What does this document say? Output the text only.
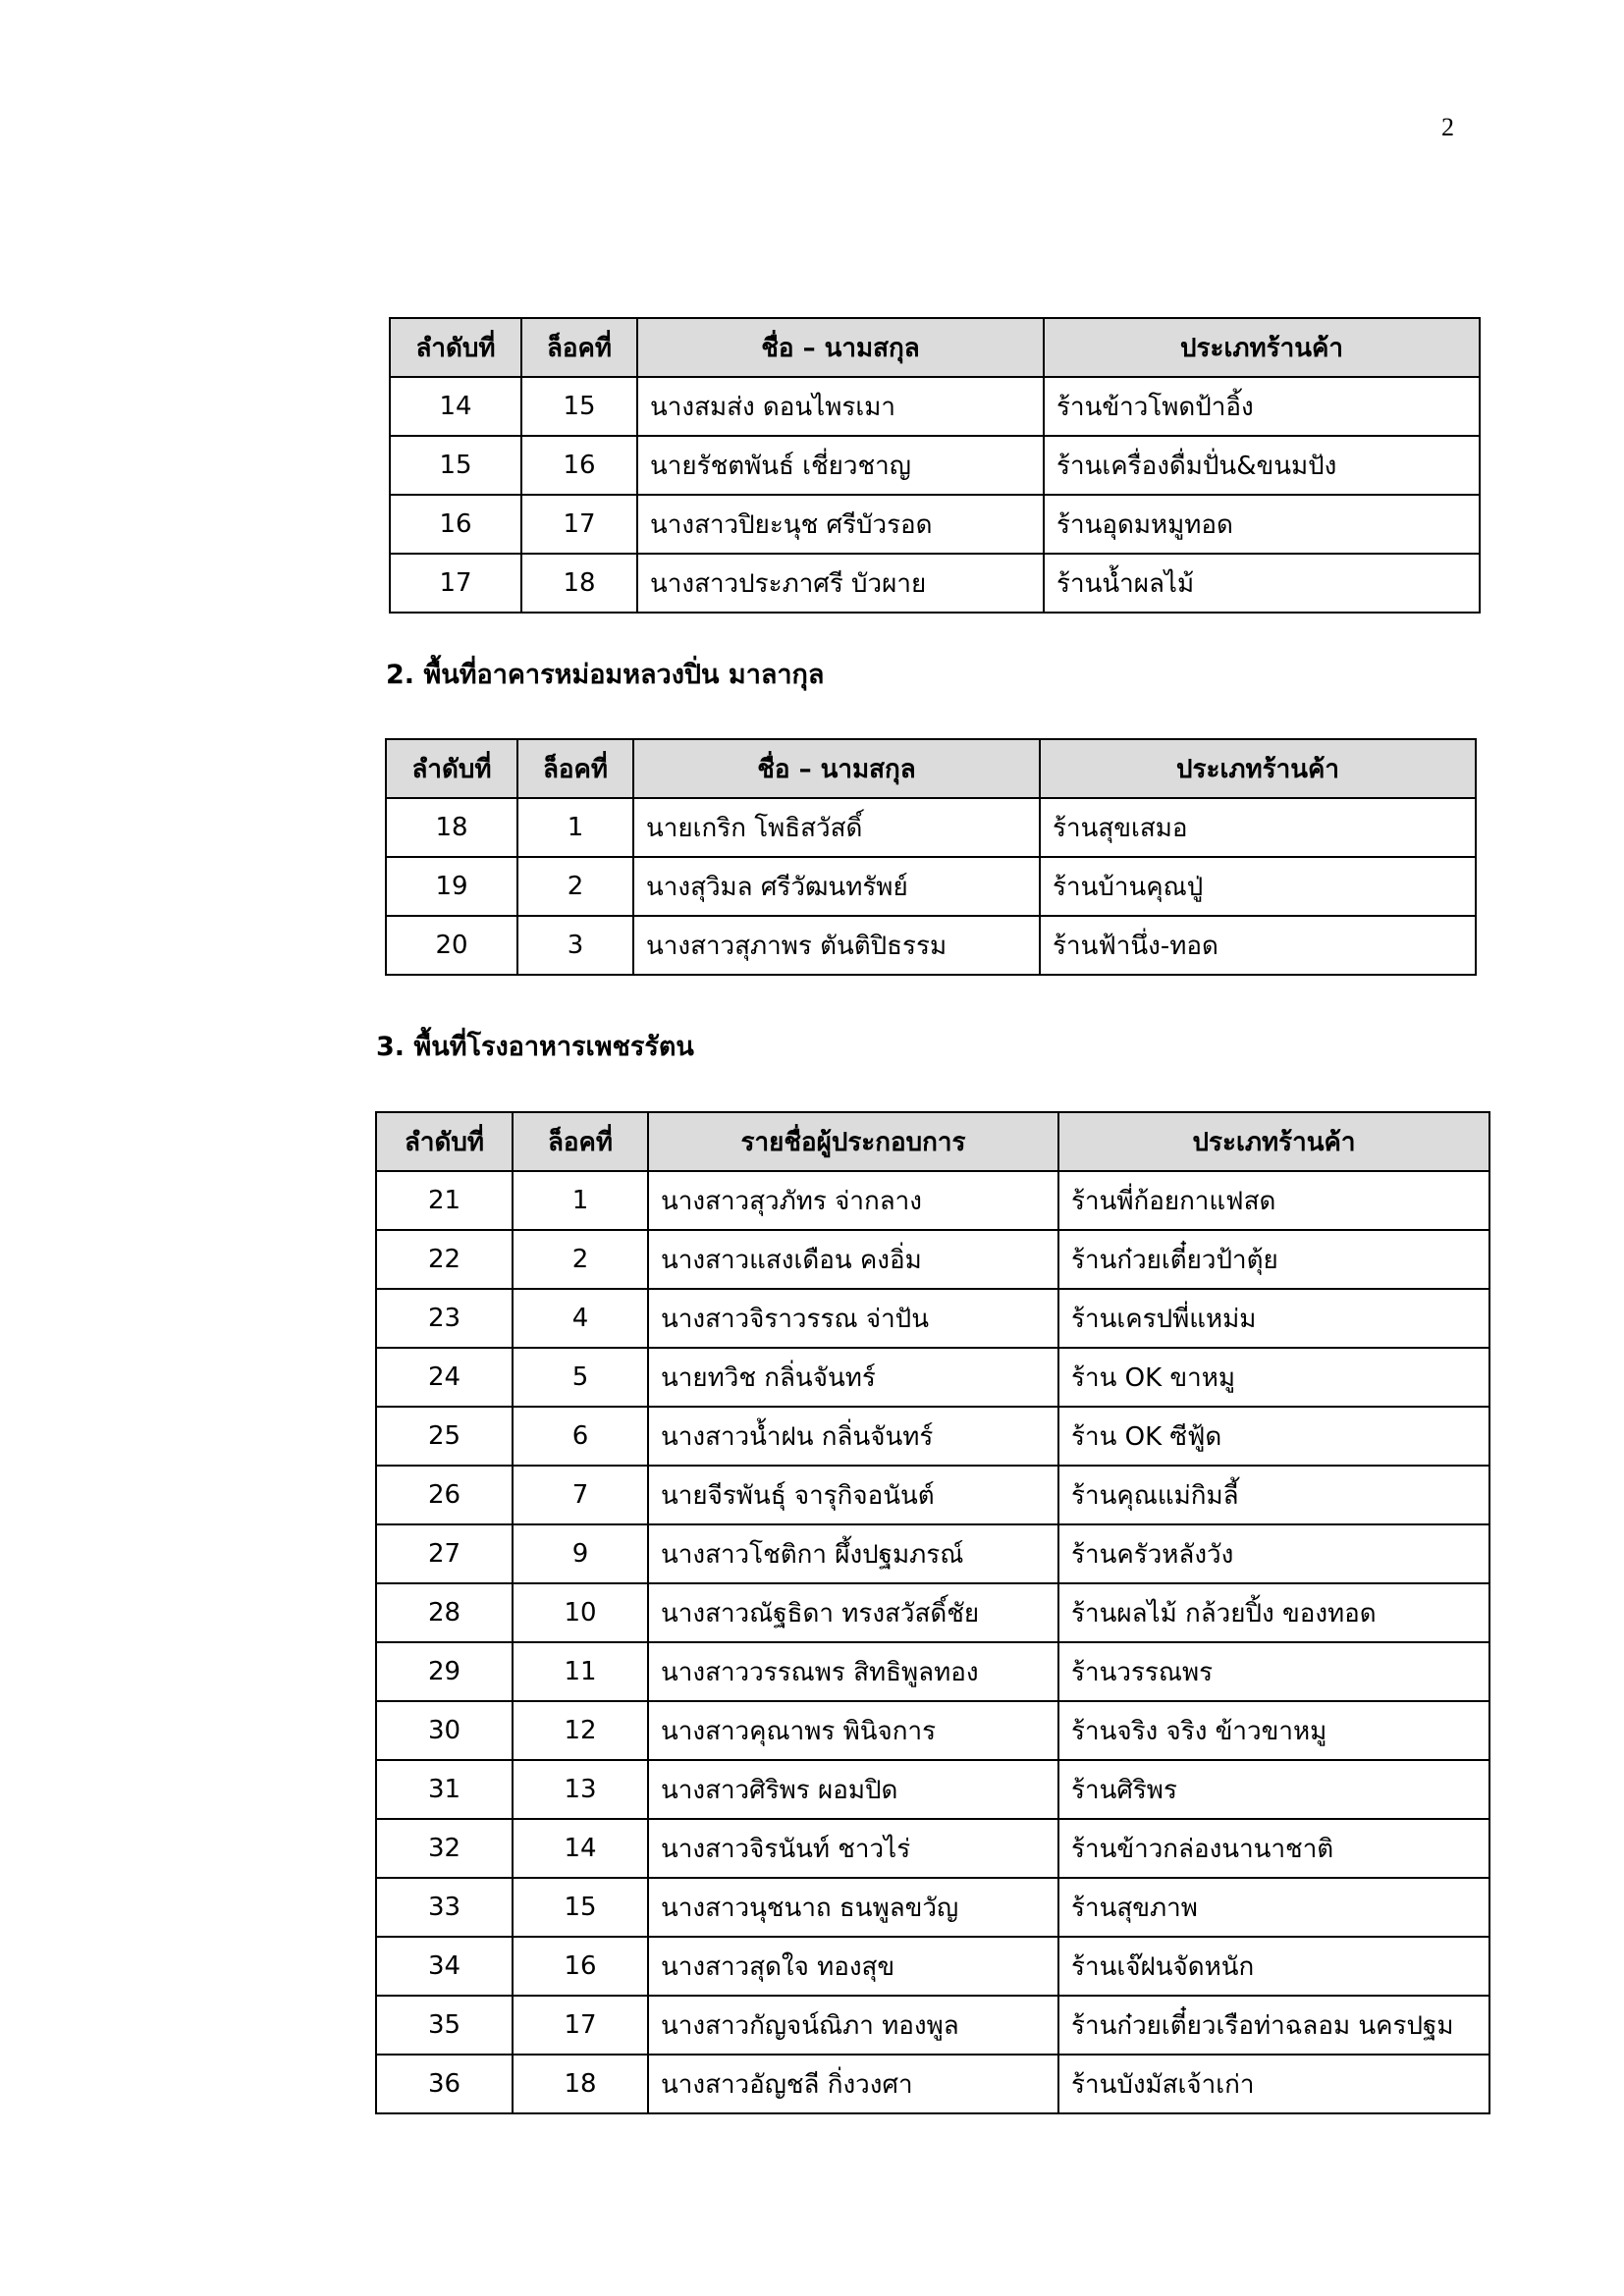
2
ลำดับที่	ล็อคที่	ชื่อ – นามสกุล	ประเภทร้านค้า
14	15	นางสมส่ง ดอนไพรเมา	ร้านข้าวโพดป้าอิ้ง
15	16	นายรัชตพันธ์ เชี่ยวชาญ	ร้านเครื่องดื่มปั่น&ขนมปัง
16	17	นางสาวปิยะนุช ศรีบัวรอด	ร้านอุดมหมูทอด
17	18	นางสาวประภาศรี บัวผาย	ร้านน้ำผลไม้
2. พื้นที่อาคารหม่อมหลวงปิ่น มาลากุล
ลำดับที่	ล็อคที่	ชื่อ – นามสกุล	ประเภทร้านค้า
18	1	นายเกริก โพธิสวัสดิ์	ร้านสุขเสมอ
19	2	นางสุวิมล ศรีวัฒนทรัพย์	ร้านบ้านคุณปู่
20	3	นางสาวสุภาพร ตันติปิธรรม	ร้านฟ้านึ่ง-ทอด
3. พื้นที่โรงอาหารเพชรรัตน
ลำดับที่	ล็อคที่	รายชื่อผู้ประกอบการ	ประเภทร้านค้า
21	1	นางสาวสุวภัทร จ่ากลาง	ร้านพี่ก้อยกาแฟสด
22	2	นางสาวแสงเดือน คงอิ่ม	ร้านก๋วยเตี๋ยวป้าตุ้ย
23	4	นางสาวจิราวรรณ จ่าปัน	ร้านเครปพี่แหม่ม
24	5	นายทวิช กลิ่นจันทร์	ร้าน OK ขาหมู
25	6	นางสาวน้ำฝน กลิ่นจันทร์	ร้าน OK ซีฟู้ด
26	7	นายจีรพันธุ์ จารุกิจอนันต์	ร้านคุณแม่กิมลี้
27	9	นางสาวโชติกา ผึ้งปฐมภรณ์	ร้านครัวหลังวัง
28	10	นางสาวณัฐธิดา ทรงสวัสดิ์ชัย	ร้านผลไม้ กล้วยปิ้ง ของทอด
29	11	นางสาววรรณพร สิทธิพูลทอง	ร้านวรรณพร
30	12	นางสาวคุณาพร พินิจการ	ร้านจริง จริง ข้าวขาหมู
31	13	นางสาวศิริพร ผอมปิด	ร้านศิริพร
32	14	นางสาวจิรนันท์ ชาวไร่	ร้านข้าวกล่องนานาชาติ
33	15	นางสาวนุชนาถ ธนพูลขวัญ	ร้านสุขภาพ
34	16	นางสาวสุดใจ ทองสุข	ร้านเจ๊ฝนจัดหนัก
35	17	นางสาวกัญจน์ณิภา ทองพูล	ร้านก๋วยเตี๋ยวเรือท่าฉลอม นครปฐม
36	18	นางสาวอัญชลี กิ่งวงศา	ร้านบังมัสเจ้าเก่า
